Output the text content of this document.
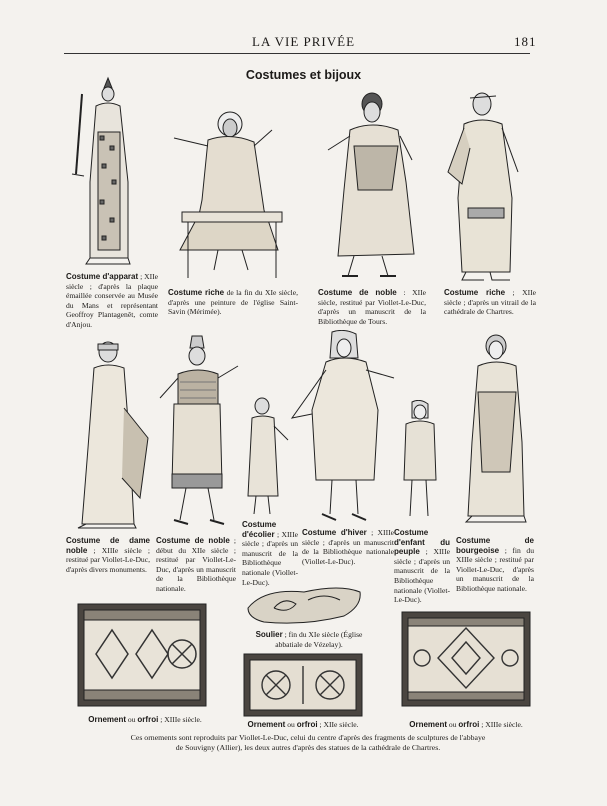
LA VIE PRIVÉE	181
Costumes et bijoux
Costume d'apparat ; XIIe siècle ; d'après la plaque émaillée conservée au Musée du Mans et représentant Geoffroy Plantagenêt, comte d'Anjou.
Costume riche de la fin du XIe siècle, d'après une peinture de l'église Saint-Savin (Mérimée).
Costume de noble : XIIe siècle, restitué par Viollet-Le-Duc, d'après un manuscrit de la Bibliothèque de Tours.
Costume riche ; XIIe siècle ; d'après un vitrail de la cathédrale de Chartres.
Costume de dame noble ; XIIIe siècle ; restitué par Viollet-Le-Duc, d'après divers monuments.
Costume de noble ; début du XIIe siècle ; restitué par Viollet-Le-Duc, d'après un manuscrit de la Bibliothèque nationale.
Costume d'écolier ; XIIIe siècle ; d'après un manuscrit de la Bibliothèque nationale (Viollet-Le-Duc).
Costume d'hiver ; XIIIe siècle ; d'après un manuscrit de la Bibliothèque nationale (Viollet-Le-Duc).
Costume d'enfant du peuple ; XIIIe siècle ; d'après un manuscrit de la Bibliothèque nationale (Viollet-Le-Duc).
Costume de bourgeoise ; fin du XIIIe siècle ; restitué par Viollet-Le-Duc, d'après un manuscrit de la Bibliothèque nationale.
Soulier ; fin du XIe siècle (Église abbatiale de Vézelay).
Ornement ou orfroi ; XIIIe siècle.
Ornement ou orfroi ; XIIe siècle.	Ornement ou orfroi ; XIIIe siècle.
Ces ornements sont reproduits par Viollet-Le-Duc, celui du centre d'après des fragments de sculptures de l'abbaye de Souvigny (Allier), les deux autres d'après des statues de la cathédrale de Chartres.
